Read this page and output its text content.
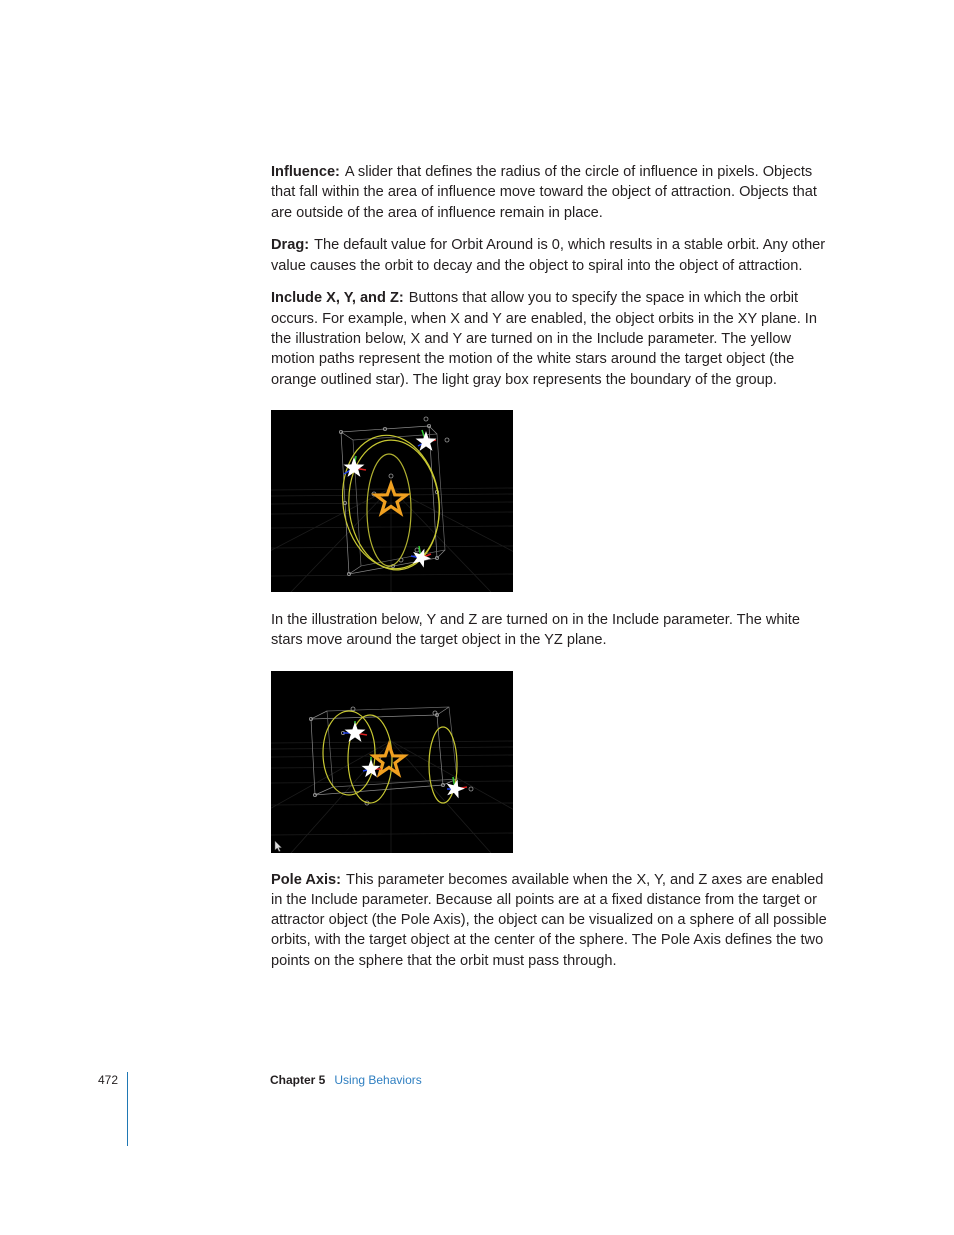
Influence: A slider that defines the radius of the circle of influence in pixels. Objects that fall within the area of influence move toward the object of attraction. Objects that are outside of the area of influence remain in place.

Drag: The default value for Orbit Around is 0, which results in a stable orbit. Any other value causes the orbit to decay and the object to spiral into the object of attraction.

Include X, Y, and Z: Buttons that allow you to specify the space in which the orbit occurs. For example, when X and Y are enabled, the object orbits in the XY plane. In the illustration below, X and Y are turned on in the Include parameter. The yellow motion paths represent the motion of the white stars around the target object (the orange outlined star). The light gray box represents the boundary of the group.

In the illustration below, Y and Z are turned on in the Include parameter. The white stars move around the target object in the YZ plane.

Pole Axis: This parameter becomes available when the X, Y, and Z axes are enabled in the Include parameter. Because all points are at a fixed distance from the target or attractor object (the Pole Axis), the object can be visualized on a sphere of all possible orbits, with the target object at the center of the sphere. The Pole Axis defines the two points on the sphere that the orbit must pass through.

472	Chapter 5 Using Behaviors
